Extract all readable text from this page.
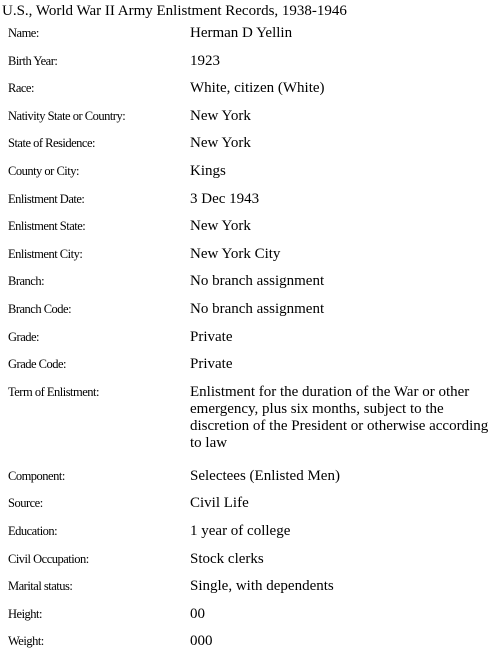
U.S., World War II Army Enlistment Records, 1938-1946
Name:	Herman D Yellin
Birth Year:	1923
Race:	White, citizen (White)
Nativity State or Country:	New York
State of Residence:	New York
County or City:	Kings
Enlistment Date:	3 Dec 1943
Enlistment State:	New York
Enlistment City:	New York City
Branch:	No branch assignment
Branch Code:	No branch assignment
Grade:	Private
Grade Code:	Private
Term of Enlistment:	Enlistment for the duration of the War or other emergency, plus six months, subject to the discretion of the President or otherwise according to law
Component:	Selectees (Enlisted Men)
Source:	Civil Life
Education:	1 year of college
Civil Occupation:	Stock clerks
Marital status:	Single, with dependents
Height:	00
Weight:	000
